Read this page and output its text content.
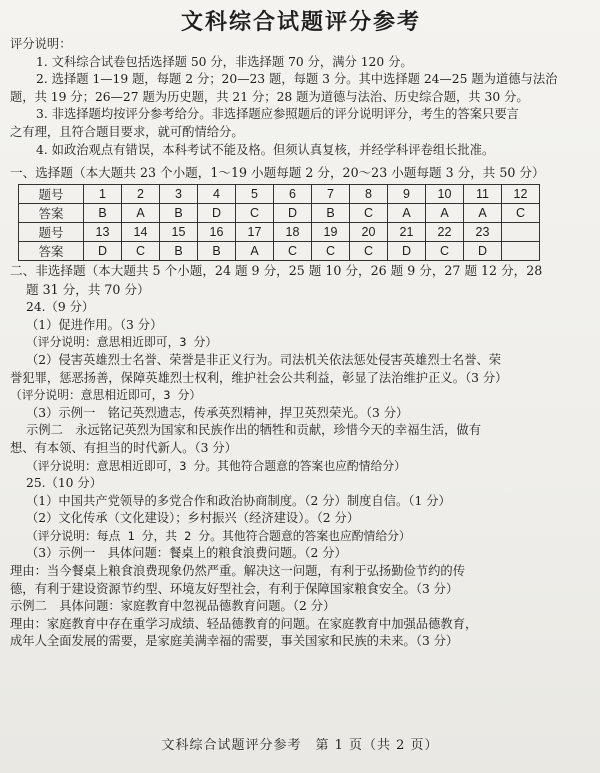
文科综合试题评分参考
评分说明：
1. 文科综合试卷包括选择题 50 分，非选择题 70 分，满分 120 分。
2. 选择题 1—19 题，每题 2 分；20—23 题，每题 3 分。其中选择题 24—25 题为道德与法治
题，共 19 分；26—27 题为历史题，共 21 分；28 题为道德与法治、历史综合题，共 30 分。
3. 非选择题均按评分参考给分。非选择题应参照题后的评分说明评分，考生的答案只要言
之有理，且符合题目要求，就可酌情给分。
4. 如政治观点有错误，本科考试不能及格。但须认真复核，并经学科评卷组长批准。
一、选择题（本大题共 23 个小题，1～19 小题每题 2 分，20～23 小题每题 3 分，共 50 分）
题号	1	2	3	4	5	6	7	8	9	10	11	12
答案	B	A	B	D	C	D	B	C	A	A	A	C
题号	13	14	15	16	17	18	19	20	21	22	23	
答案	D	C	B	B	A	C	C	C	D	C	D	
二、非选择题（本大题共 5 个小题，24 题 9 分，25 题 10 分，26 题 9 分，27 题 12 分，28
题 31 分，共 70 分）
24.（9 分）
（1）促进作用。（3 分）
（评分说明：意思相近即可，3 分）
（2）侵害英雄烈士名誉、荣誉是非正义行为。司法机关依法惩处侵害英雄烈士名誉、荣
誉犯罪，惩恶扬善，保障英雄烈士权利，维护社会公共利益，彰显了法治维护正义。（3 分）
（评分说明：意思相近即可，3 分）
（3）示例一　铭记英烈遗志，传承英烈精神，捍卫英烈荣光。（3 分）
示例二　永远铭记英烈为国家和民族作出的牺牲和贡献，珍惜今天的幸福生活，做有
想、有本领、有担当的时代新人。（3 分）
（评分说明：意思相近即可，3 分。其他符合题意的答案也应酌情给分）
25.（10 分）
（1）中国共产党领导的多党合作和政治协商制度。（2 分）制度自信。（1 分）
（2）文化传承（文化建设）；乡村振兴（经济建设）。（2 分）
（评分说明：每点 1 分，共 2 分。其他符合题意的答案也应酌情给分）
（3）示例一　具体问题：餐桌上的粮食浪费问题。（2 分）
理由：当今餐桌上粮食浪费现象仍然严重。解决这一问题，有利于弘扬勤俭节约的传
德，有利于建设资源节约型、环境友好型社会，有利于保障国家粮食安全。（3 分）
示例二　具体问题：家庭教育中忽视品德教育问题。（2 分）
理由：家庭教育中存在重学习成绩、轻品德教育的问题。在家庭教育中加强品德教育，
成年人全面发展的需要，是家庭美满幸福的需要，事关国家和民族的未来。（3 分）
文科综合试题评分参考　第 1 页（共 2 页）
